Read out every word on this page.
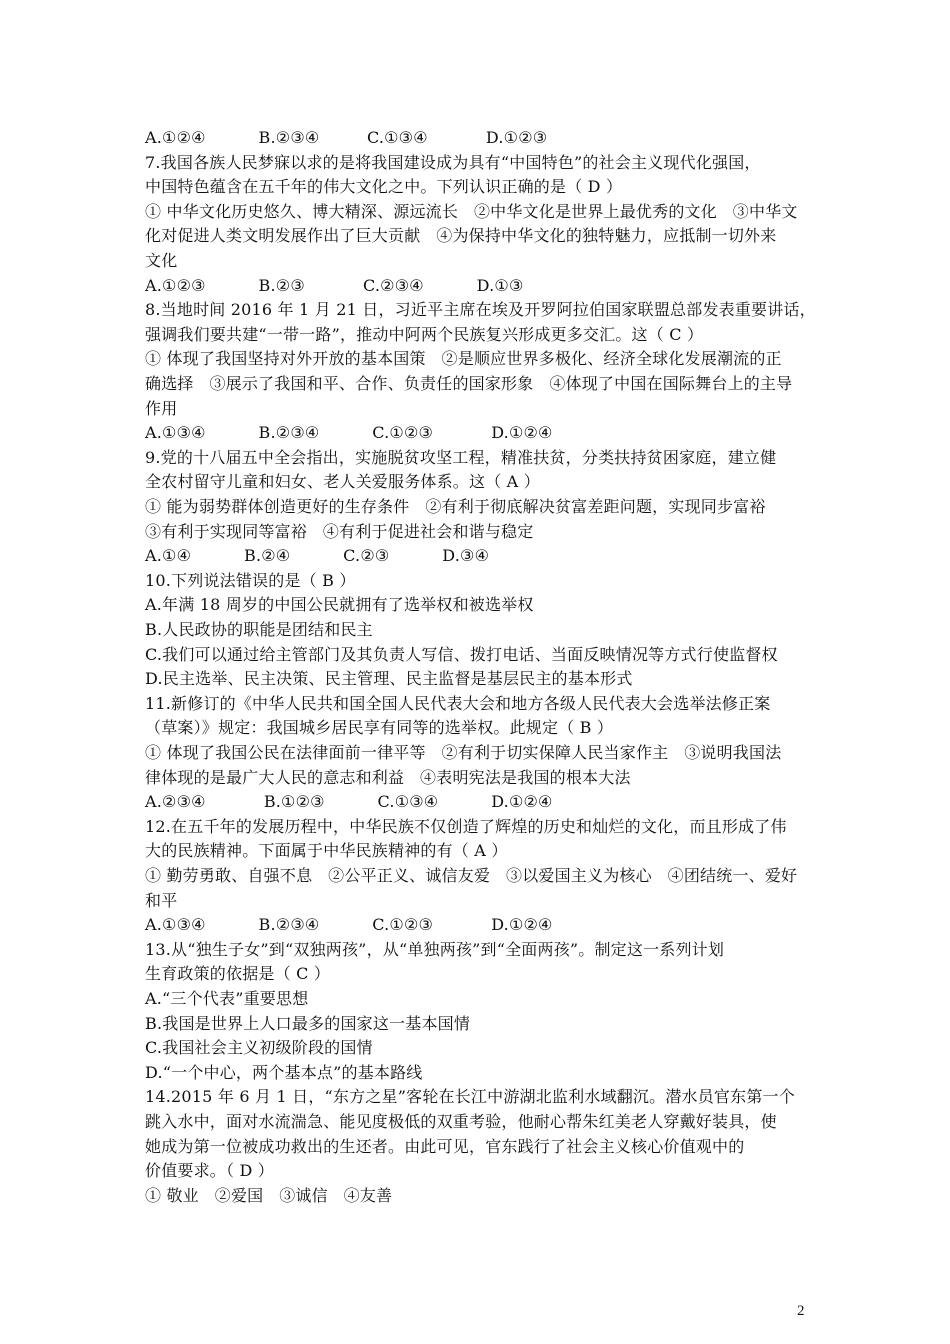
A.①②④          B.②③④         C.①③④           D.①②③
7.我国各族人民梦寐以求的是将我国建设成为具有“中国特色”的社会主义现代化强国，
中国特色蕴含在五千年的伟大文化之中。下列认识正确的是（ D ）
① 中华文化历史悠久、博大精深、源远流长   ②中华文化是世界上最优秀的文化   ③中华文
化对促进人类文明发展作出了巨大贡献   ④为保持中华文化的独特魅力，应抵制一切外来
文化
A.①②③          B.②③           C.②③④          D.①③
8.当地时间 2016 年 1 月 21 日，习近平主席在埃及开罗阿拉伯国家联盟总部发表重要讲话，
强调我们要共建“一带一路”，推动中阿两个民族复兴形成更多交汇。这（ C ）
① 体现了我国坚持对外开放的基本国策   ②是顺应世界多极化、经济全球化发展潮流的正
确选择   ③展示了我国和平、合作、负责任的国家形象   ④体现了中国在国际舞台上的主导
作用
A.①③④          B.②③④          C.①②③           D.①②④
9.党的十八届五中全会指出，实施脱贫攻坚工程，精准扶贫，分类扶持贫困家庭，建立健
全农村留守儿童和妇女、老人关爱服务体系。这（ A ）
① 能为弱势群体创造更好的生存条件   ②有利于彻底解决贫富差距问题，实现同步富裕
③有利于实现同等富裕   ④有利于促进社会和谐与稳定
A.①④          B.②④          C.②③          D.③④
10.下列说法错误的是（ B ）
A.年满 18 周岁的中国公民就拥有了选举权和被选举权
B.人民政协的职能是团结和民主
C.我们可以通过给主管部门及其负责人写信、拨打电话、当面反映情况等方式行使监督权
D.民主选举、民主决策、民主管理、民主监督是基层民主的基本形式
11.新修订的《中华人民共和国全国人民代表大会和地方各级人民代表大会选举法修正案
（草案）》规定：我国城乡居民享有同等的选举权。此规定（ B ）
① 体现了我国公民在法律面前一律平等   ②有利于切实保障人民当家作主   ③说明我国法
律体现的是最广大人民的意志和利益   ④表明宪法是我国的根本大法
A.②③④           B.①②③          C.①③④          D.①②④
12.在五千年的发展历程中，中华民族不仅创造了辉煌的历史和灿烂的文化，而且形成了伟
大的民族精神。下面属于中华民族精神的有（ A ）
① 勤劳勇敢、自强不息   ②公平正义、诚信友爱   ③以爱国主义为核心   ④团结统一、爱好
和平
A.①③④          B.②③④          C.①②③           D.①②④
13.从“独生子女”到“双独两孩”，从“单独两孩”到“全面两孩”。制定这一系列计划
生育政策的依据是（ C ）
A.“三个代表”重要思想
B.我国是世界上人口最多的国家这一基本国情
C.我国社会主义初级阶段的国情
D.“一个中心，两个基本点”的基本路线
14.2015 年 6 月 1 日，“东方之星”客轮在长江中游湖北监利水域翻沉。潜水员官东第一个
跳入水中，面对水流湍急、能见度极低的双重考验，他耐心帮朱红美老人穿戴好装具，使
她成为第一位被成功救出的生还者。由此可见，官东践行了社会主义核心价值观中的
价值要求。（ D ）
① 敬业   ②爱国   ③诚信   ④友善
2
